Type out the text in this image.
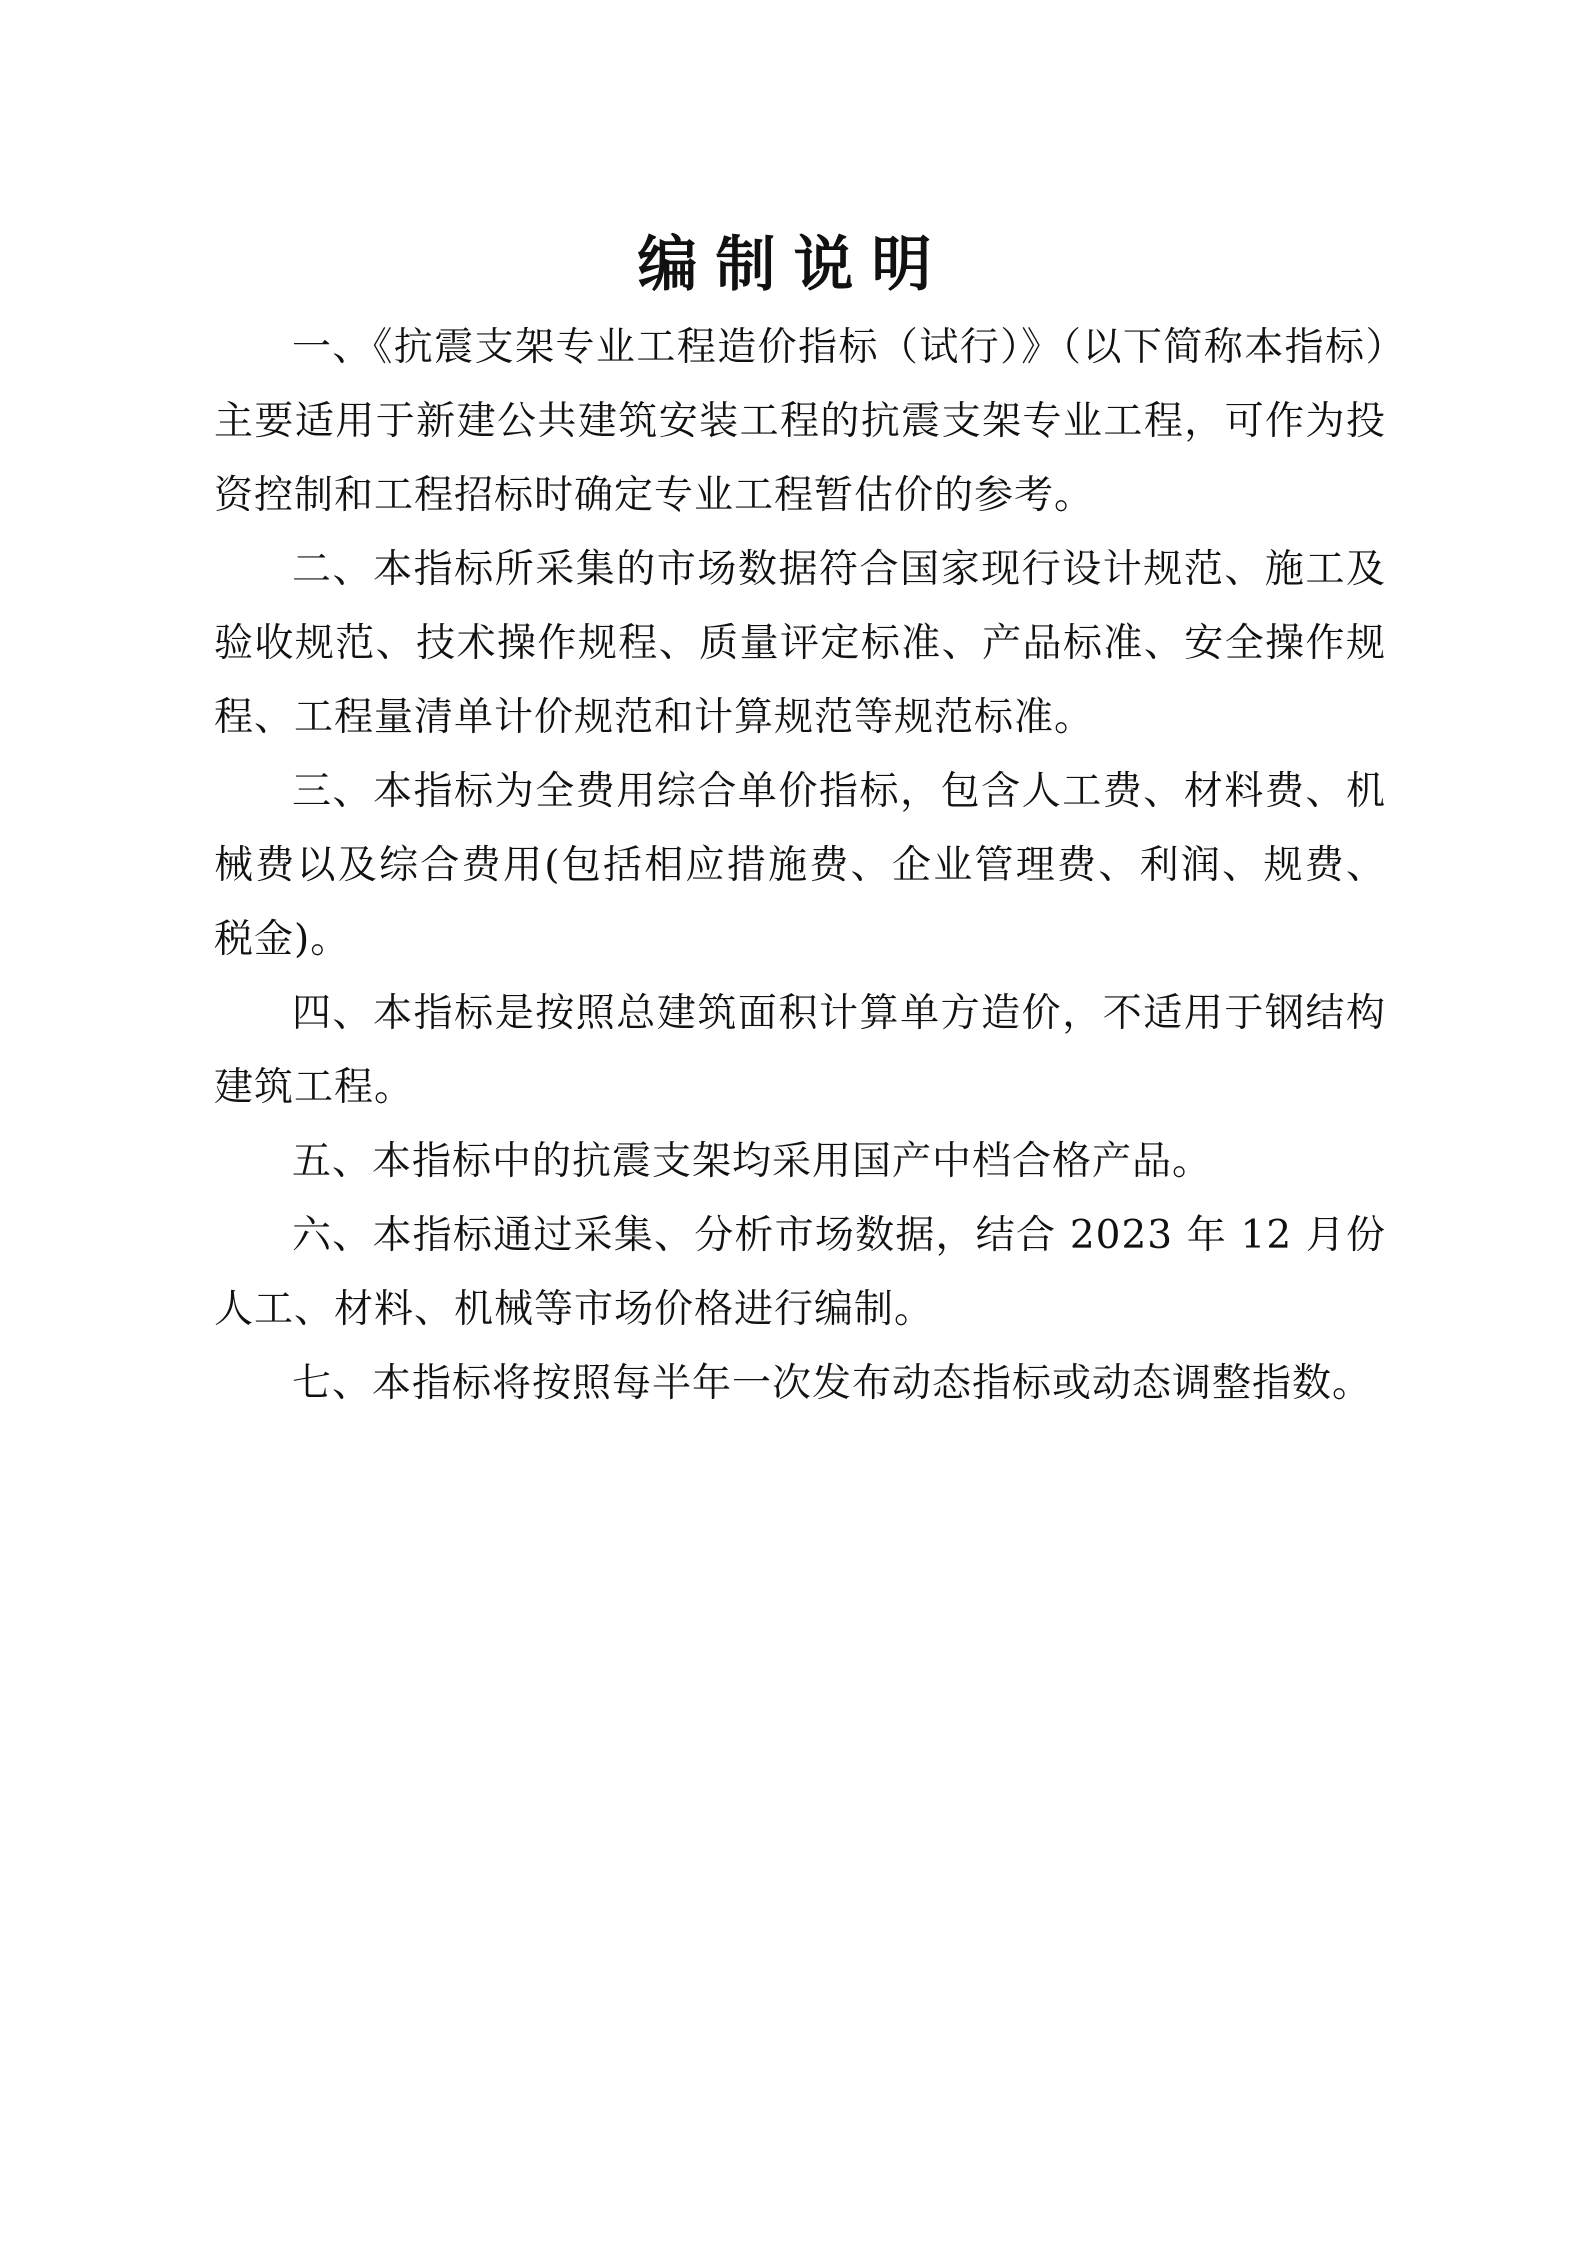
编制说明

一、《抗震支架专业工程造价指标（试行）》（以下简称本指标）主要适用于新建公共建筑安装工程的抗震支架专业工程，可作为投资控制和工程招标时确定专业工程暂估价的参考。

二、本指标所采集的市场数据符合国家现行设计规范、施工及验收规范、技术操作规程、质量评定标准、产品标准、安全操作规程、工程量清单计价规范和计算规范等规范标准。

三、本指标为全费用综合单价指标，包含人工费、材料费、机械费以及综合费用(包括相应措施费、企业管理费、利润、规费、税金)。

四、本指标是按照总建筑面积计算单方造价，不适用于钢结构建筑工程。

五、本指标中的抗震支架均采用国产中档合格产品。

六、本指标通过采集、分析市场数据，结合 2023 年 12 月份人工、材料、机械等市场价格进行编制。

七、本指标将按照每半年一次发布动态指标或动态调整指数。
